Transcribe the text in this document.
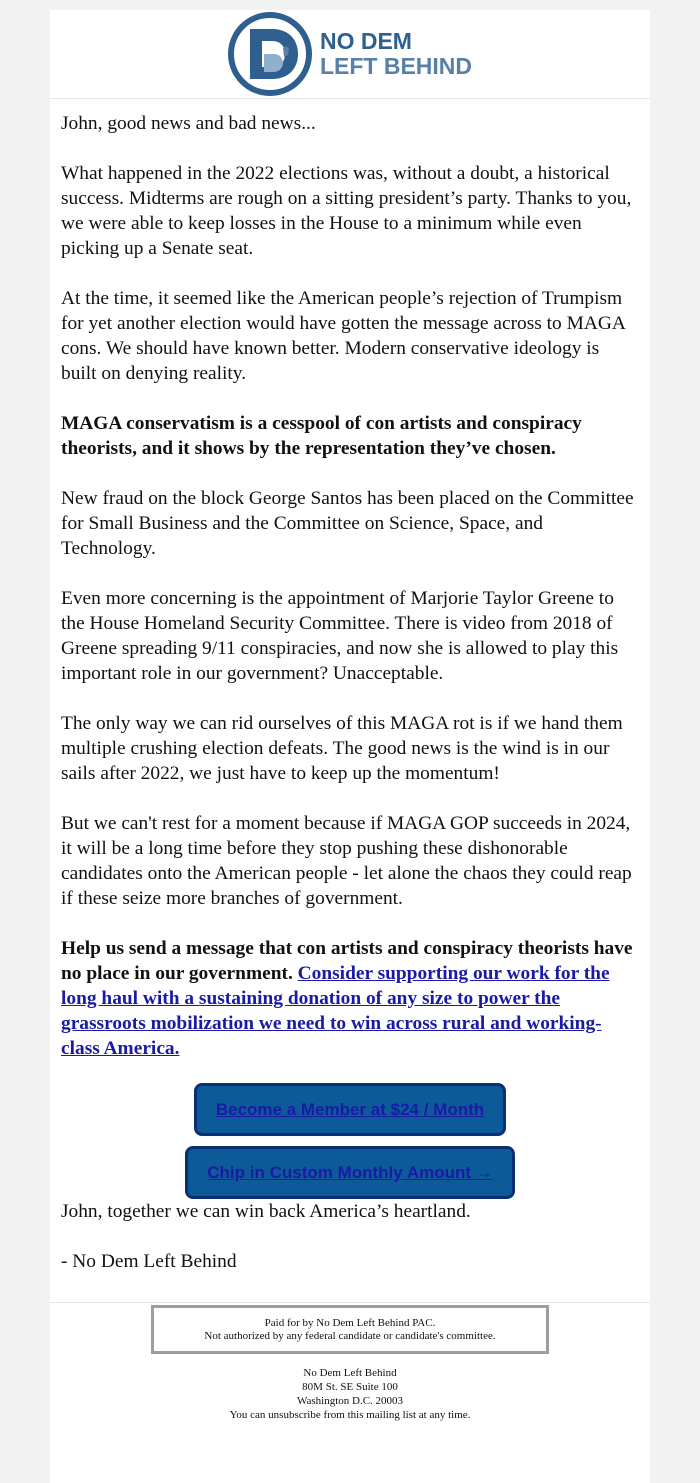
NO DEM
LEFT BEHIND

John, good news and bad news...

What happened in the 2022 elections was, without a doubt, a historical success. Midterms are rough on a sitting president’s party. Thanks to you, we were able to keep losses in the House to a minimum while even picking up a Senate seat.

At the time, it seemed like the American people’s rejection of Trumpism for yet another election would have gotten the message across to MAGA cons. We should have known better. Modern conservative ideology is built on denying reality.

MAGA conservatism is a cesspool of con artists and conspiracy theorists, and it shows by the representation they’ve chosen.

New fraud on the block George Santos has been placed on the Committee for Small Business and the Committee on Science, Space, and Technology.

Even more concerning is the appointment of Marjorie Taylor Greene to the House Homeland Security Committee. There is video from 2018 of Greene spreading 9/11 conspiracies, and now she is allowed to play this important role in our government? Unacceptable.

The only way we can rid ourselves of this MAGA rot is if we hand them multiple crushing election defeats. The good news is the wind is in our sails after 2022, we just have to keep up the momentum!

But we can't rest for a moment because if MAGA GOP succeeds in 2024, it will be a long time before they stop pushing these dishonorable candidates onto the American people - let alone the chaos they could reap if these seize more branches of government.

Help us send a message that con artists and conspiracy theorists have no place in our government. Consider supporting our work for the long haul with a sustaining donation of any size to power the grassroots mobilization we need to win across rural and working-class America.

Become a Member at $24 / Month
Chip in Custom Monthly Amount →

John, together we can win back America’s heartland.

- No Dem Left Behind

Paid for by No Dem Left Behind PAC.
Not authorized by any federal candidate or candidate's committee.
No Dem Left Behind
80M St. SE Suite 100
Washington D.C. 20003
You can unsubscribe from this mailing list at any time.
